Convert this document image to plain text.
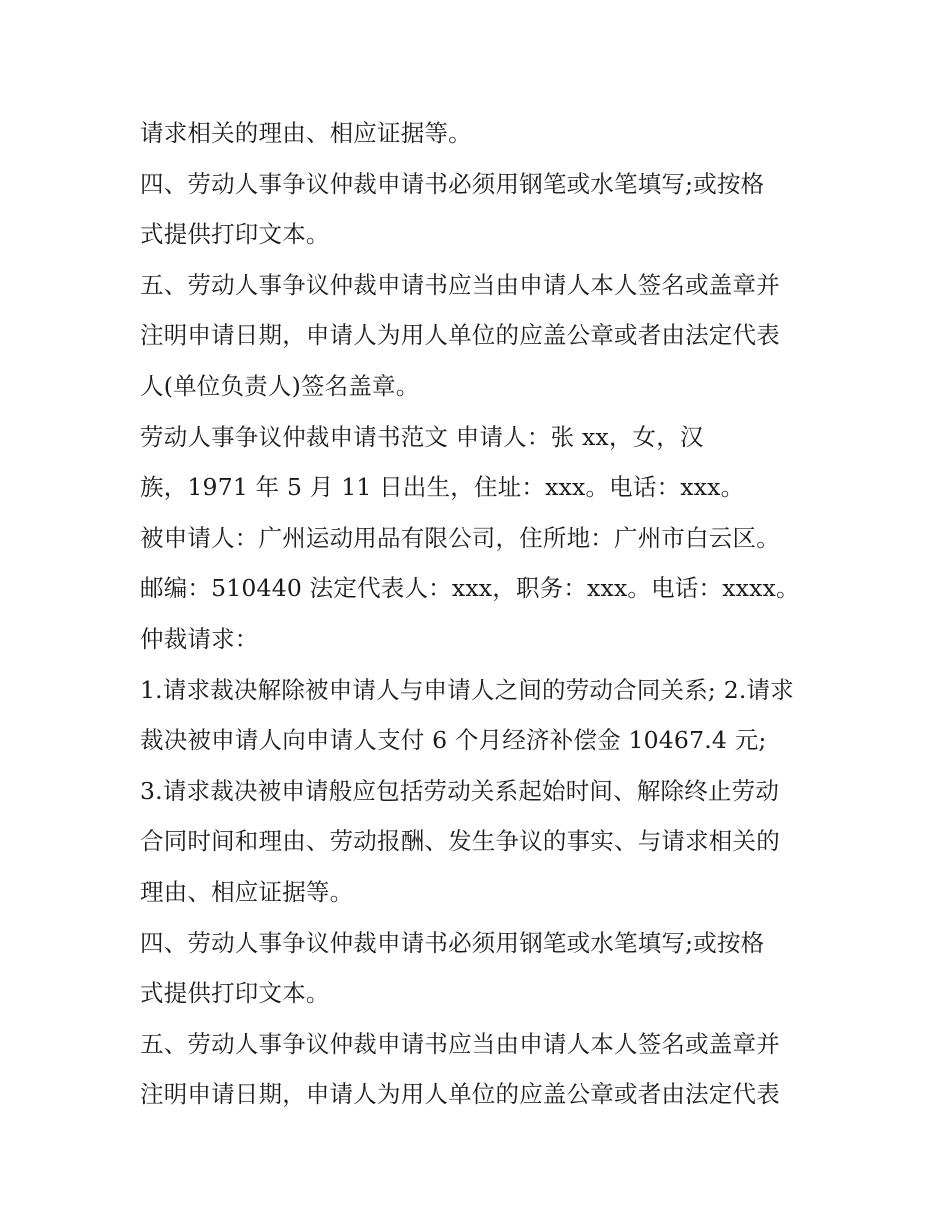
请求相关的理由、相应证据等。
四、劳动人事争议仲裁申请书必须用钢笔或水笔填写;或按格
式提供打印文本。
五、劳动人事争议仲裁申请书应当由申请人本人签名或盖章并
注明申请日期，申请人为用人单位的应盖公章或者由法定代表
人(单位负责人)签名盖章。
劳动人事争议仲裁申请书范文 申请人：张 xx，女，汉
族，1971 年 5 月 11 日出生，住址：xxx。电话：xxx。
被申请人：广州运动用品有限公司，住所地：广州市白云区。
邮编：510440 法定代表人：xxx，职务：xxx。电话：xxxx。
仲裁请求：
1.请求裁决解除被申请人与申请人之间的劳动合同关系; 2.请求
裁决被申请人向申请人支付 6 个月经济补偿金 10467.4 元;
3.请求裁决被申请般应包括劳动关系起始时间、解除终止劳动
合同时间和理由、劳动报酬、发生争议的事实、与请求相关的
理由、相应证据等。
四、劳动人事争议仲裁申请书必须用钢笔或水笔填写;或按格
式提供打印文本。
五、劳动人事争议仲裁申请书应当由申请人本人签名或盖章并
注明申请日期，申请人为用人单位的应盖公章或者由法定代表
